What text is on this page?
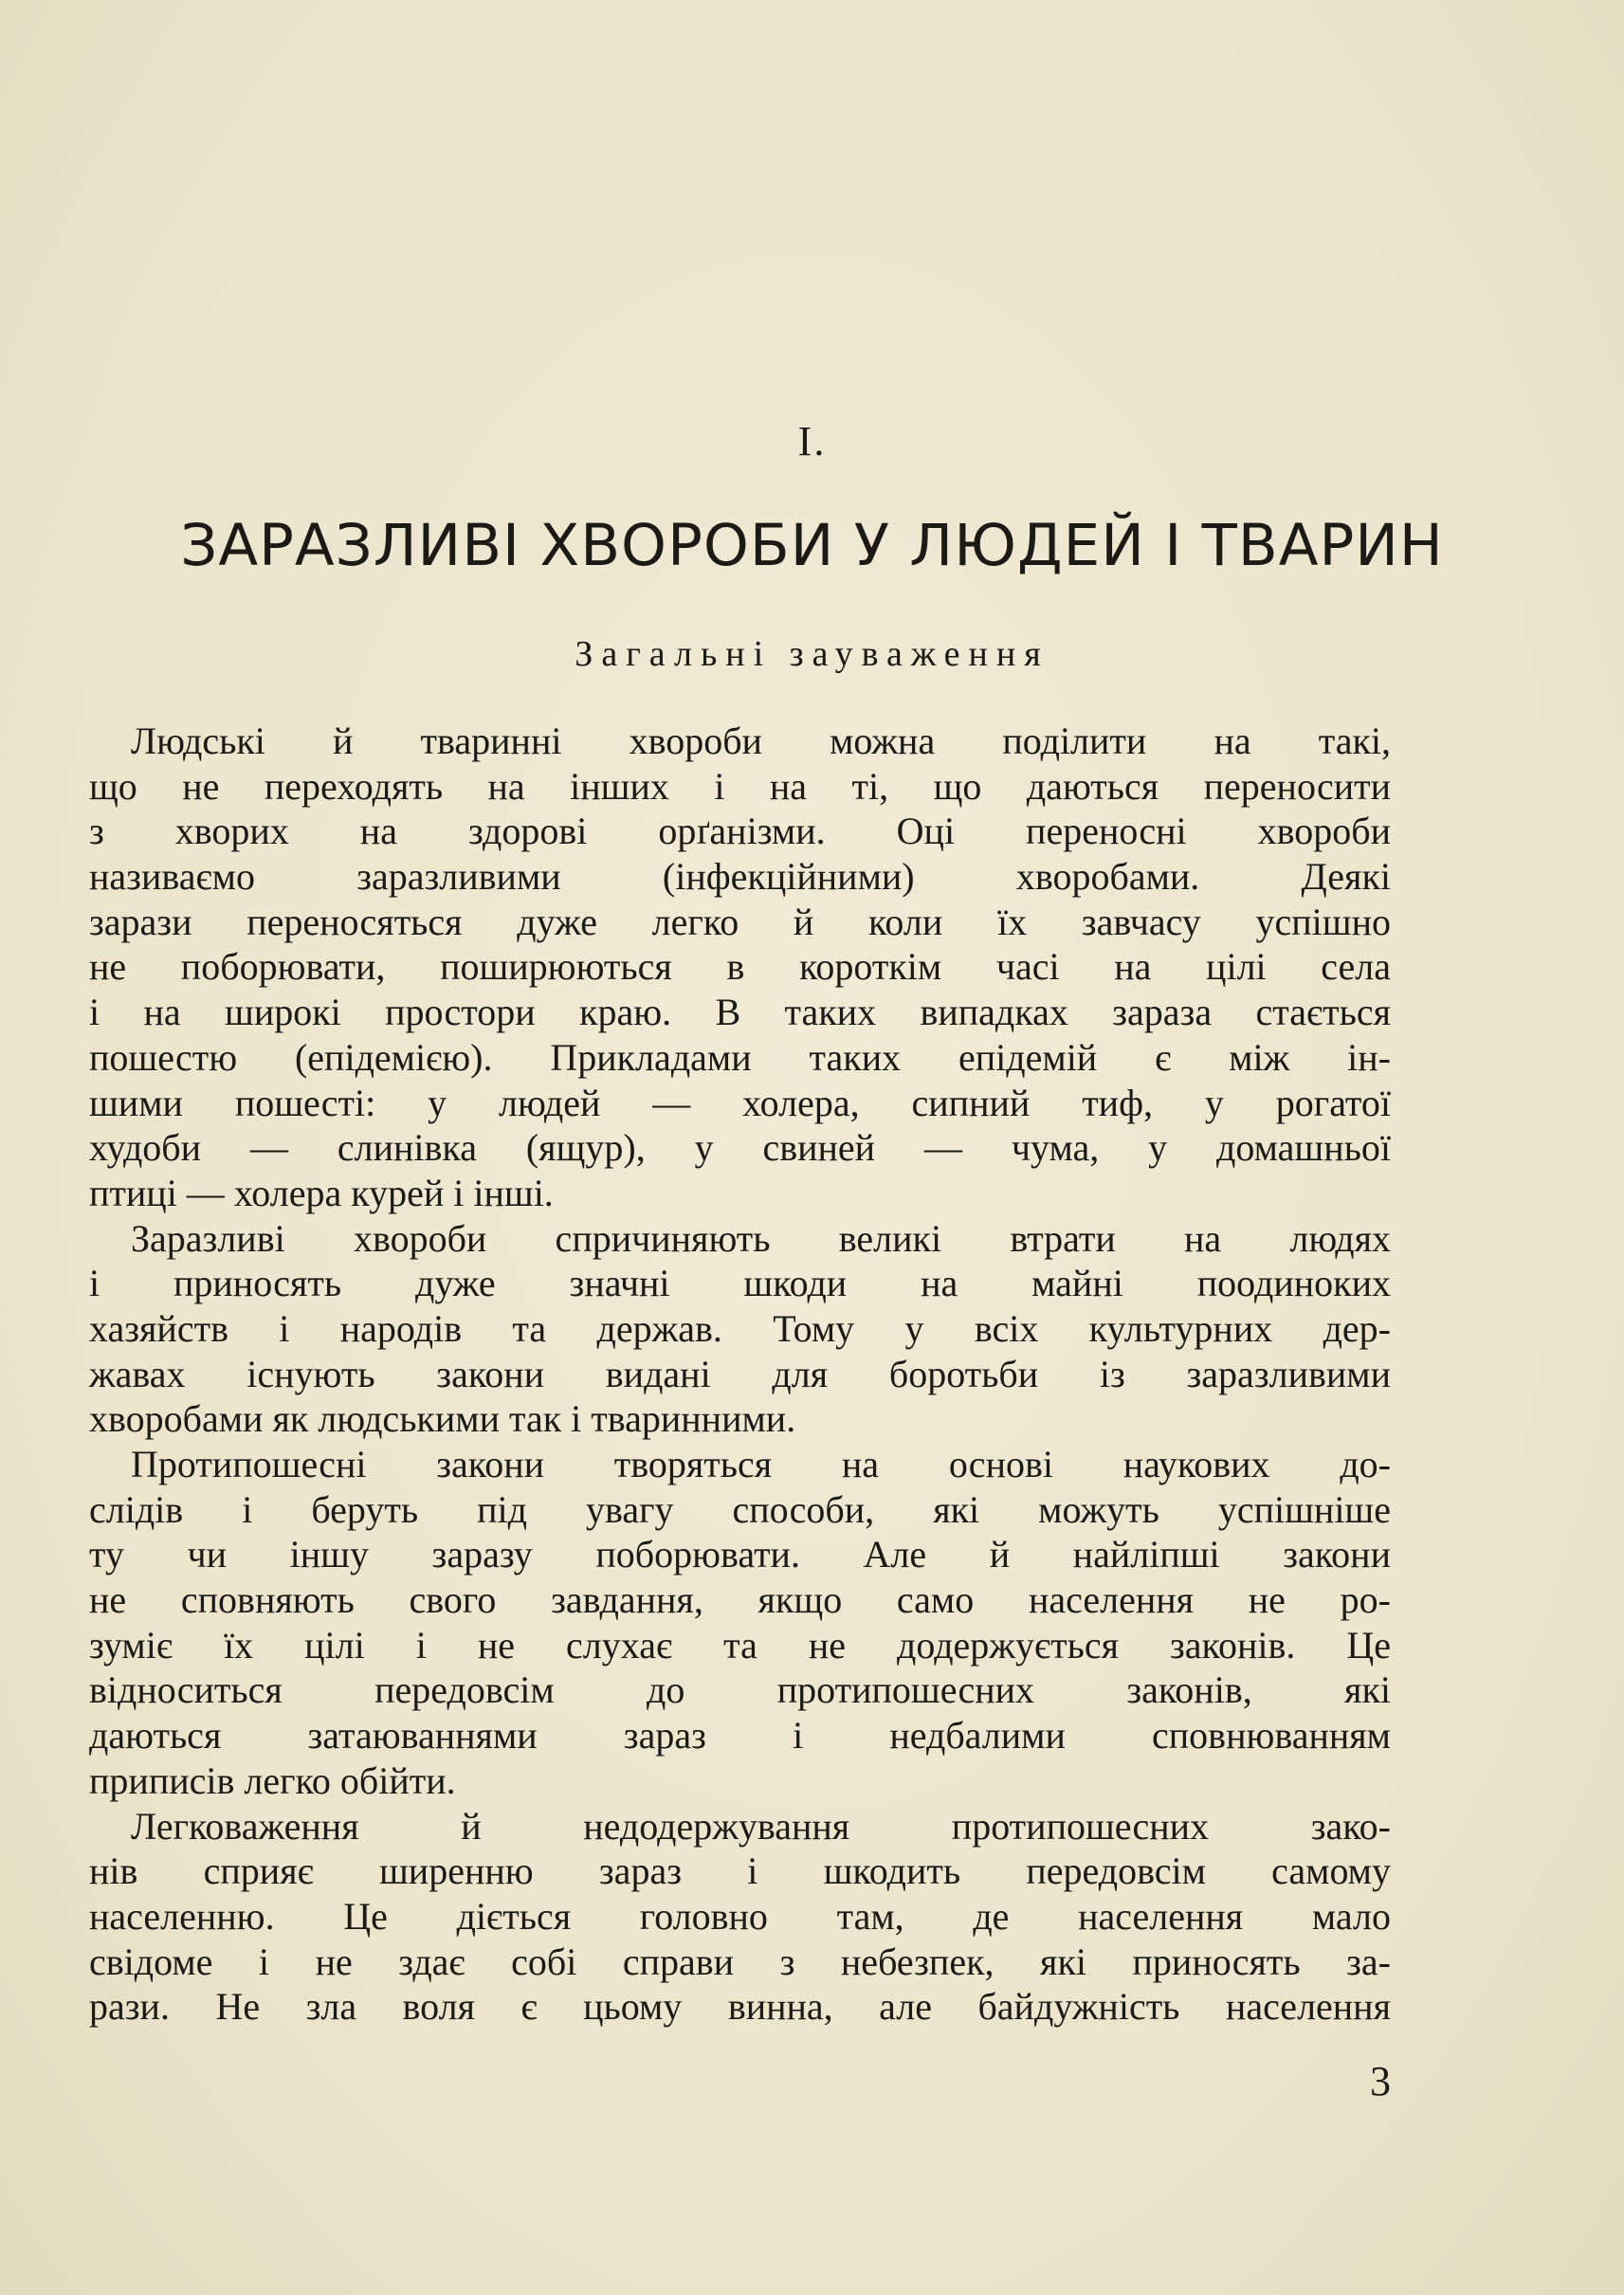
I.
ЗАРАЗЛИВІ ХВОРОБИ У ЛЮДЕЙ І ТВАРИН
Загальні зауваження
Людські й тваринні хвороби можна поділити на такі,
що не переходять на інших і на ті, що даються переносити
з хворих на здорові орґанізми. Оці переносні хвороби
називаємо заразливими (інфекційними) хворобами. Деякі
зарази переносяться дуже легко й коли їх завчасу успішно
не поборювати, поширюються в короткім часі на цілі села
і на широкі простори краю. В таких випадках зараза стається
пошестю (епідемією). Прикладами таких епідемій є між ін-
шими пошесті: у людей — холера, сипний тиф, у рогатої
худоби — слинівка (ящур), у свиней — чума, у домашньої
птиці — холера курей і інші.
Заразливі хвороби спричиняють великі втрати на людях
і приносять дуже значні шкоди на майні поодиноких
хазяйств і народів та держав. Тому у всіх культурних дер-
жавах існують закони видані для боротьби із заразливими
хворобами як людськими так і тваринними.
Протипошесні закони творяться на основі наукових до-
слідів і беруть під увагу способи, які можуть успішніше
ту чи іншу заразу поборювати. Але й найліпші закони
не сповняють свого завдання, якщо само населення не ро-
зуміє їх цілі і не слухає та не додержується законів. Це
відноситься передовсім до протипошесних законів, які
даються затаюваннями зараз і недбалими сповнюванням
приписів легко обійти.
Легковаження й недодержування протипошесних зако-
нів сприяє ширенню зараз і шкодить передовсім самому
населенню. Це діється головно там, де населення мало
свідоме і не здає собі справи з небезпек, які приносять за-
рази. Не зла воля є цьому винна, але байдужність населення
3
